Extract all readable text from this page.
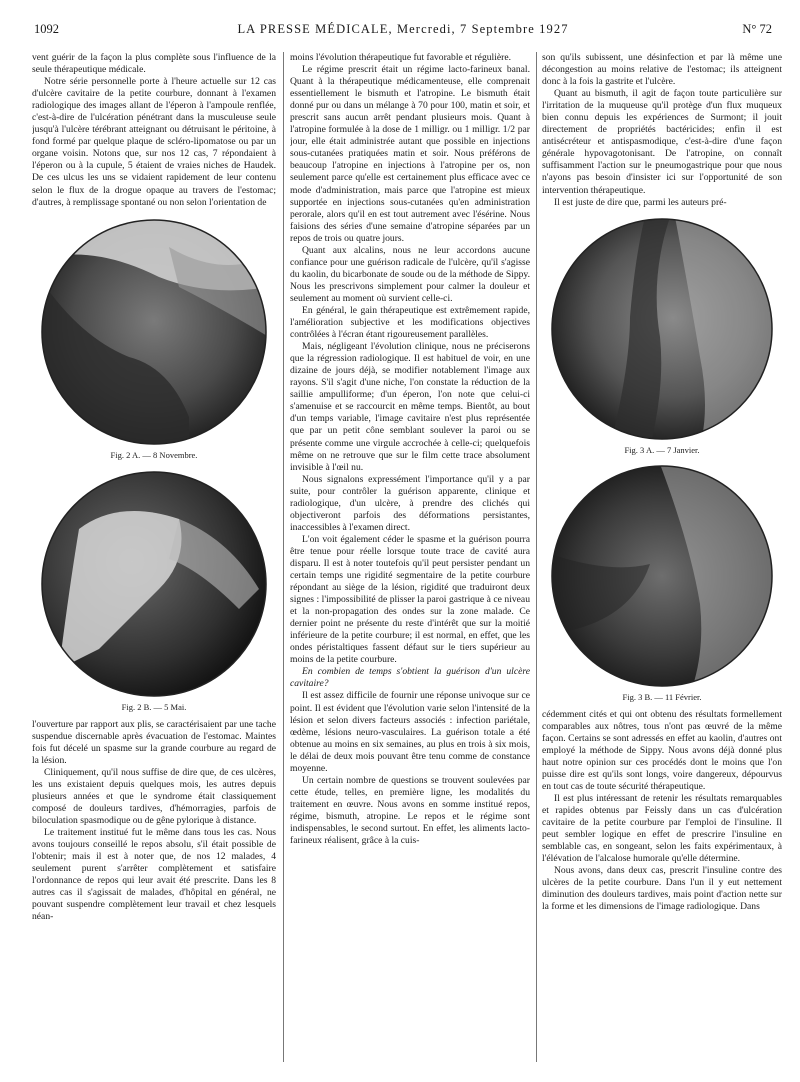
1092	LA PRESSE MÉDICALE, Mercredi, 7 Septembre 1927	N° 72

vent guérir de la façon la plus complète sous l'influence de la seule thérapeutique médicale.

Notre série personnelle porte à l'heure actuelle sur 12 cas d'ulcère cavitaire de la petite courbure, donnant à l'examen radiologique des images allant de l'éperon à l'ampoule renflée, c'est-à-dire de l'ulcération pénétrant dans la musculeuse seule jusqu'à l'ulcère térébrant atteignant ou détruisant le péritoine, à fond formé par quelque plaque de scléro-lipomatose ou par un organe voisin. Notons que, sur nos 12 cas, 7 répondaient à l'éperon ou à la cupule, 5 étaient de vraies niches de Haudek. De ces ulcus les uns se vidaient rapidement de leur contenu selon le flux de la drogue opaque au travers de l'estomac; d'autres, à remplissage spontané ou non selon l'orientation de

Fig. 2 A. — 8 Novembre.
Fig. 2 B. — 5 Mai.

l'ouverture par rapport aux plis, se caractérisaient par une tache suspendue discernable après évacuation de l'estomac. Maintes fois fut décelé un spasme sur la grande courbure au regard de la lésion.

Cliniquement, qu'il nous suffise de dire que, de ces ulcères, les uns existaient depuis quelques mois, les autres depuis plusieurs années et que le syndrome était classiquement composé de douleurs tardives, d'hémorragies, parfois de biloculation spasmodique ou de gêne pylorique à distance.

Le traitement institué fut le même dans tous les cas. Nous avons toujours conseillé le repos absolu, s'il était possible de l'obtenir; mais il est à noter que, de nos 12 malades, 4 seulement purent s'arrêter complètement et satisfaire l'ordonnance de repos qui leur avait été prescrite. Dans les 8 autres cas il s'agissait de malades, d'hôpital en général, ne pouvant suspendre complètement leur travail et chez lesquels néan-

moins l'évolution thérapeutique fut favorable et régulière.

Le régime prescrit était un régime lacto-farineux banal. Quant à la thérapeutique médicamenteuse, elle comprenait essentiellement le bismuth et l'atropine. Le bismuth était donné pur ou dans un mélange à 70 pour 100, matin et soir, et prescrit sans aucun arrêt pendant plusieurs mois. Quant à l'atropine formulée à la dose de 1 milligr. ou 1 milligr. 1/2 par jour, elle était administrée autant que possible en injections sous-cutanées pratiquées matin et soir. Nous préférons de beaucoup l'atropine en injections à l'atropine per os, non seulement parce qu'elle est certainement plus efficace avec ce mode d'administration, mais parce que l'atropine est mieux supportée en injections sous-cutanées qu'en administration perorale, alors qu'il en est tout autrement avec l'ésérine. Nous faisions des séries d'une semaine d'atropine séparées par un repos de trois ou quatre jours.

Quant aux alcalins, nous ne leur accordons aucune confiance pour une guérison radicale de l'ulcère, qu'il s'agisse du kaolin, du bicarbonate de soude ou de la méthode de Sippy. Nous les prescrivons simplement pour calmer la douleur et seulement au moment où survient celle-ci.

En général, le gain thérapeutique est extrêmement rapide, l'amélioration subjective et les modifications objectives contrôlées à l'écran étant rigoureusement parallèles.

Mais, négligeant l'évolution clinique, nous ne préciserons que la régression radiologique. Il est habituel de voir, en une dizaine de jours déjà, se modifier notablement l'image aux rayons. S'il s'agit d'une niche, l'on constate la réduction de la saillie ampulliforme; d'un éperon, l'on note que celui-ci s'amenuise et se raccourcit en même temps. Bientôt, au bout d'un temps variable, l'image cavitaire n'est plus représentée que par un petit cône semblant soulever la paroi ou se présente comme une virgule accrochée à celle-ci; quelquefois même on ne retrouve que sur le film cette trace absolument invisible à l'œil nu.

Nous signalons expressément l'importance qu'il y a par suite, pour contrôler la guérison apparente, clinique et radiologique, d'un ulcère, à prendre des clichés qui objectiveront parfois des déformations persistantes, inaccessibles à l'examen direct.

L'on voit également céder le spasme et la guérison pourra être tenue pour réelle lorsque toute trace de cavité aura disparu. Il est à noter toutefois qu'il peut persister pendant un certain temps une rigidité segmentaire de la petite courbure répondant au siège de la lésion, rigidité que traduiront deux signes : l'impossibilité de plisser la paroi gastrique à ce niveau et la non-propagation des ondes sur la zone malade. Ce dernier point ne présente du reste d'intérêt que sur la moitié inférieure de la petite courbure; il est normal, en effet, que les ondes péristaltiques fassent défaut sur le tiers supérieur au moins de la petite courbure.

En combien de temps s'obtient la guérison d'un ulcère cavitaire?

Il est assez difficile de fournir une réponse univoque sur ce point. Il est évident que l'évolution varie selon l'intensité de la lésion et selon divers facteurs associés : infection pariétale, œdème, lésions neuro-vasculaires. La guérison totale a été obtenue au moins en six semaines, au plus en trois à six mois, le délai de deux mois pouvant être tenu comme de constance moyenne.

Un certain nombre de questions se trouvent soulevées par cette étude, telles, en première ligne, les modalités du traitement en œuvre. Nous avons en somme institué repos, régime, bismuth, atropine. Le repos et le régime sont indispensables, le second surtout. En effet, les aliments lacto-farineux réalisent, grâce à la cuis-

son qu'ils subissent, une désinfection et par là même une décongestion au moins relative de l'estomac; ils atteignent donc à la fois la gastrite et l'ulcère.

Quant au bismuth, il agit de façon toute particulière sur l'irritation de la muqueuse qu'il protège d'un flux muqueux bien connu depuis les expériences de Surmont; il jouit directement de propriétés bactéricides; enfin il est antisécréteur et antispasmodique, c'est-à-dire d'une façon générale hypovagotonisant. De l'atropine, on connaît suffisamment l'action sur le pneumogastrique pour que nous n'ayons pas besoin d'insister ici sur l'opportunité de son intervention thérapeutique.

Il est juste de dire que, parmi les auteurs pré-

Fig. 3 A. — 7 Janvier.
Fig. 3 B. — 11 Février.

cédemment cités et qui ont obtenu des résultats formellement comparables aux nôtres, tous n'ont pas œuvré de la même façon. Certains se sont adressés en effet au kaolin, d'autres ont employé la méthode de Sippy. Nous avons déjà donné plus haut notre opinion sur ces procédés dont le moins que l'on puisse dire est qu'ils sont longs, voire dangereux, dépourvus en tout cas de toute sécurité thérapeutique.

Il est plus intéressant de retenir les résultats remarquables et rapides obtenus par Feissly dans un cas d'ulcération cavitaire de la petite courbure par l'emploi de l'insuline. Il peut sembler logique en effet de prescrire l'insuline en semblable cas, en songeant, selon les faits expérimentaux, à l'élévation de l'alcalose humorale qu'elle détermine.

Nous avons, dans deux cas, prescrit l'insuline contre des ulcères de la petite courbure. Dans l'un il y eut nettement diminution des douleurs tardives, mais point d'action nette sur la forme et les dimensions de l'image radiologique. Dans
